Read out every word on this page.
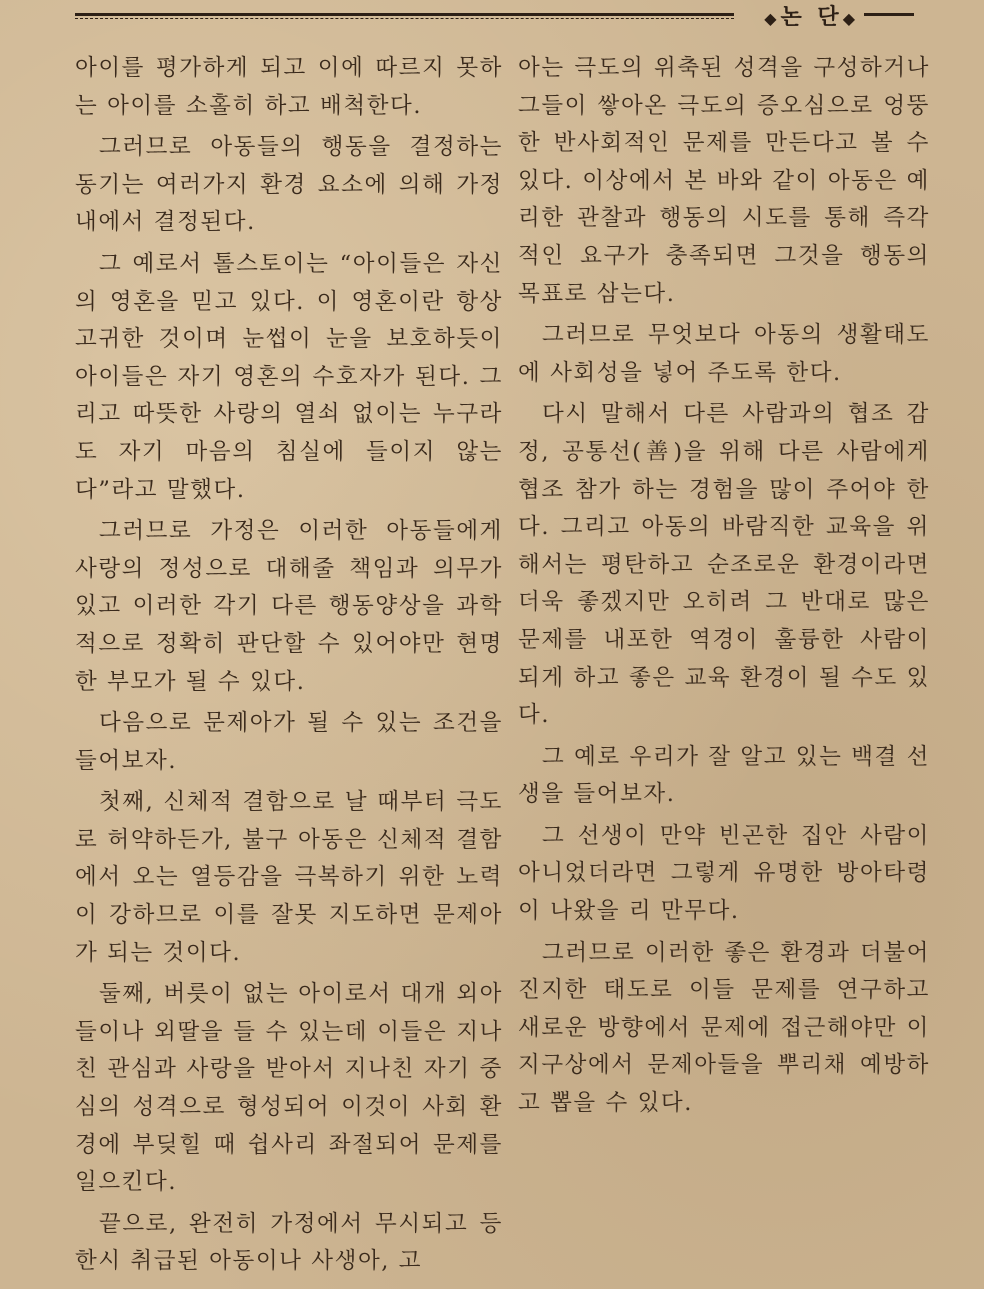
◆논 단◆

아이를 평가하게 되고 이에 따르지 못하는 아이를 소홀히 하고 배척한다.

그러므로 아동들의 행동을 결정하는 동기는 여러가지 환경 요소에 의해 가정내에서 결정된다.

그 예로서 톨스토이는 “아이들은 자신의 영혼을 믿고 있다. 이 영혼이란 항상 고귀한 것이며 눈썹이 눈을 보호하듯이 아이들은 자기 영혼의 수호자가 된다. 그리고 따뜻한 사랑의 열쇠 없이는 누구라도 자기 마음의 침실에 들이지 않는다”라고 말했다.

그러므로 가정은 이러한 아동들에게 사랑의 정성으로 대해줄 책임과 의무가 있고 이러한 각기 다른 행동양상을 과학적으로 정확히 판단할 수 있어야만 현명한 부모가 될 수 있다.

다음으로 문제아가 될 수 있는 조건을 들어보자.

첫째, 신체적 결함으로 날 때부터 극도로 허약하든가, 불구 아동은 신체적 결함에서 오는 열등감을 극복하기 위한 노력이 강하므로 이를 잘못 지도하면 문제아가 되는 것이다.

둘째, 버릇이 없는 아이로서 대개 외아들이나 외딸을 들 수 있는데 이들은 지나친 관심과 사랑을 받아서 지나친 자기 중심의 성격으로 형성되어 이것이 사회 환경에 부딪힐 때 쉽사리 좌절되어 문제를 일으킨다.

끝으로, 완전히 가정에서 무시되고 등한시 취급된 아동이나 사생아, 고

아는 극도의 위축된 성격을 구성하거나 그들이 쌓아온 극도의 증오심으로 엉뚱한 반사회적인 문제를 만든다고 볼 수 있다. 이상에서 본 바와 같이 아동은 예리한 관찰과 행동의 시도를 통해 즉각적인 요구가 충족되면 그것을 행동의 목표로 삼는다.

그러므로 무엇보다 아동의 생활태도에 사회성을 넣어 주도록 한다.

다시 말해서 다른 사람과의 협조 감정, 공통선(善)을 위해 다른 사람에게 협조 참가 하는 경험을 많이 주어야 한다. 그리고 아동의 바람직한 교육을 위해서는 평탄하고 순조로운 환경이라면 더욱 좋겠지만 오히려 그 반대로 많은 문제를 내포한 역경이 훌륭한 사람이 되게 하고 좋은 교육 환경이 될 수도 있다.

그 예로 우리가 잘 알고 있는 백결 선생을 들어보자.

그 선생이 만약 빈곤한 집안 사람이 아니었더라면 그렇게 유명한 방아타령이 나왔을 리 만무다.

그러므로 이러한 좋은 환경과 더불어 진지한 태도로 이들 문제를 연구하고 새로운 방향에서 문제에 접근해야만 이 지구상에서 문제아들을 뿌리채 예방하고 뽑을 수 있다.
